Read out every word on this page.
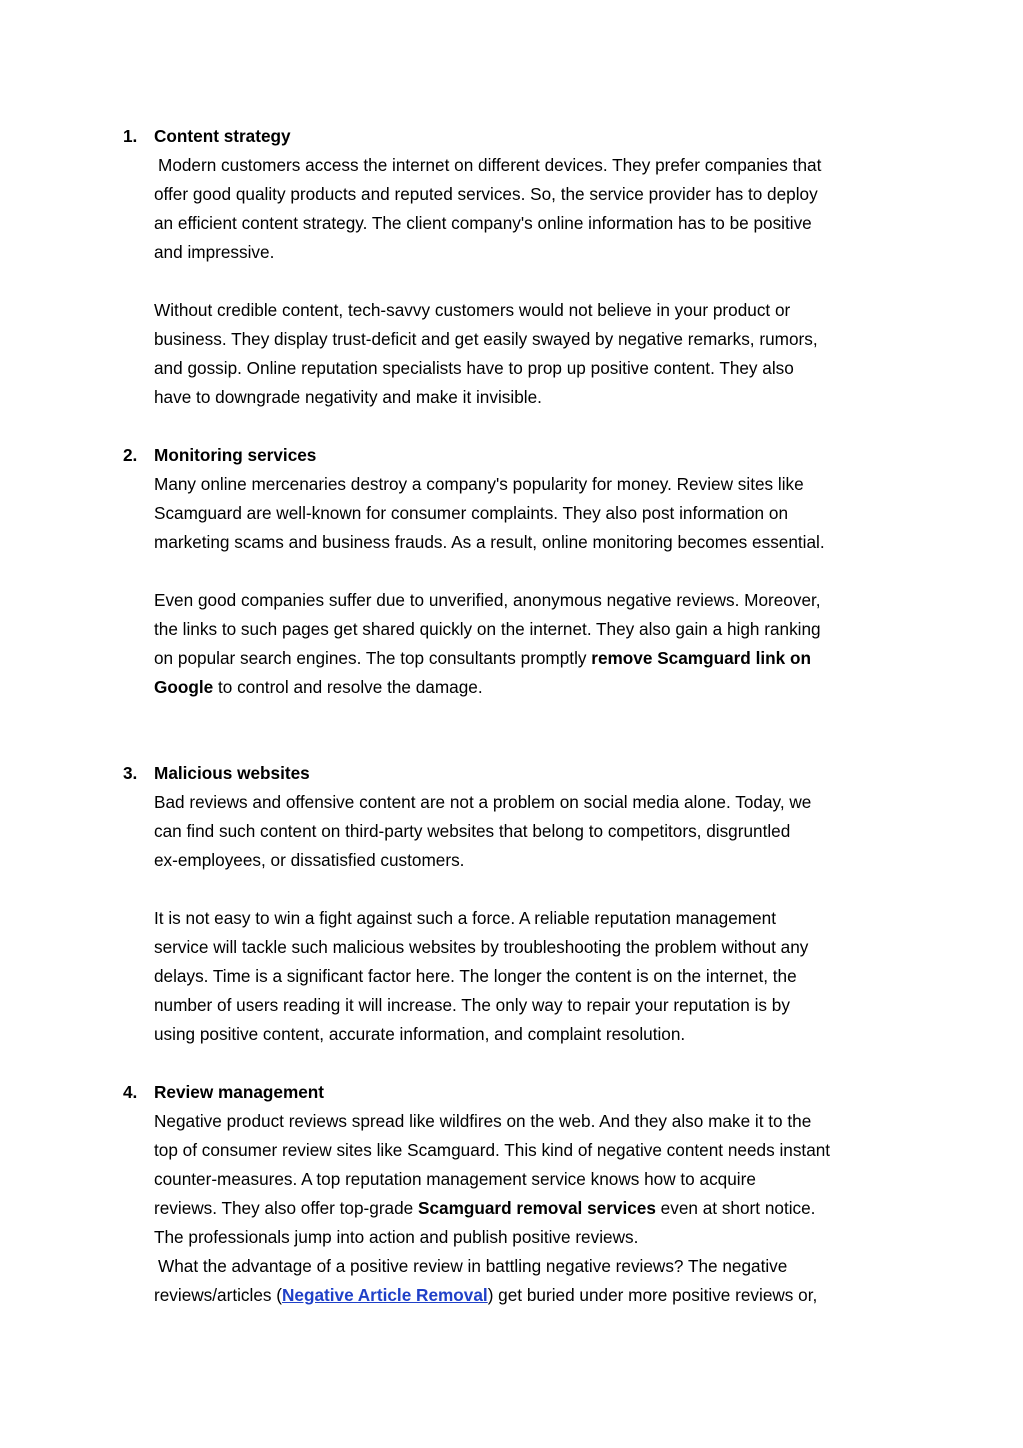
1. Content strategy
Modern customers access the internet on different devices. They prefer companies that
offer good quality products and reputed services. So, the service provider has to deploy
an efficient content strategy. The client company's online information has to be positive
and impressive.
Without credible content, tech-savvy customers would not believe in your product or
business. They display trust-deficit and get easily swayed by negative remarks, rumors,
and gossip. Online reputation specialists have to prop up positive content. They also
have to downgrade negativity and make it invisible.
2. Monitoring services
Many online mercenaries destroy a company's popularity for money. Review sites like
Scamguard are well-known for consumer complaints. They also post information on
marketing scams and business frauds. As a result, online monitoring becomes essential.
Even good companies suffer due to unverified, anonymous negative reviews. Moreover,
the links to such pages get shared quickly on the internet. They also gain a high ranking
on popular search engines. The top consultants promptly remove Scamguard link on
Google to control and resolve the damage.
3. Malicious websites
Bad reviews and offensive content are not a problem on social media alone. Today, we
can find such content on third-party websites that belong to competitors, disgruntled
ex-employees, or dissatisfied customers.
It is not easy to win a fight against such a force. A reliable reputation management
service will tackle such malicious websites by troubleshooting the problem without any
delays. Time is a significant factor here. The longer the content is on the internet, the
number of users reading it will increase. The only way to repair your reputation is by
using positive content, accurate information, and complaint resolution.
4. Review management
Negative product reviews spread like wildfires on the web. And they also make it to the
top of consumer review sites like Scamguard. This kind of negative content needs instant
counter-measures. A top reputation management service knows how to acquire
reviews. They also offer top-grade Scamguard removal services even at short notice.
The professionals jump into action and publish positive reviews.
What the advantage of a positive review in battling negative reviews? The negative
reviews/articles (Negative Article Removal) get buried under more positive reviews or,
